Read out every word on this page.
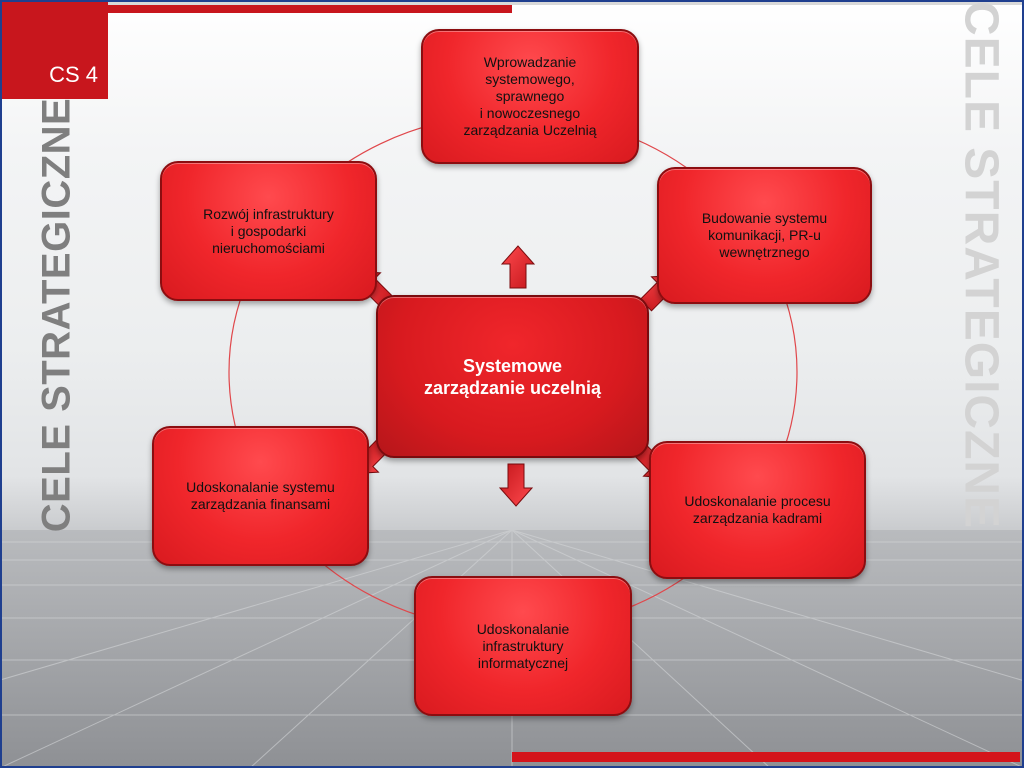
CS 4
CELE STRATEGICZNE	CELE STRATEGICZNE
Wprowadzanie
systemowego,
sprawnego
i nowoczesnego
zarządzania Uczelnią
Budowanie systemu
komunikacji, PR-u
wewnętrznego
Udoskonalanie procesu
zarządzania kadrami
Udoskonalanie
infrastruktury
informatycznej
Udoskonalanie systemu
zarządzania finansami
Rozwój infrastruktury
i gospodarki
nieruchomościami
Systemowe
zarządzanie uczelnią
